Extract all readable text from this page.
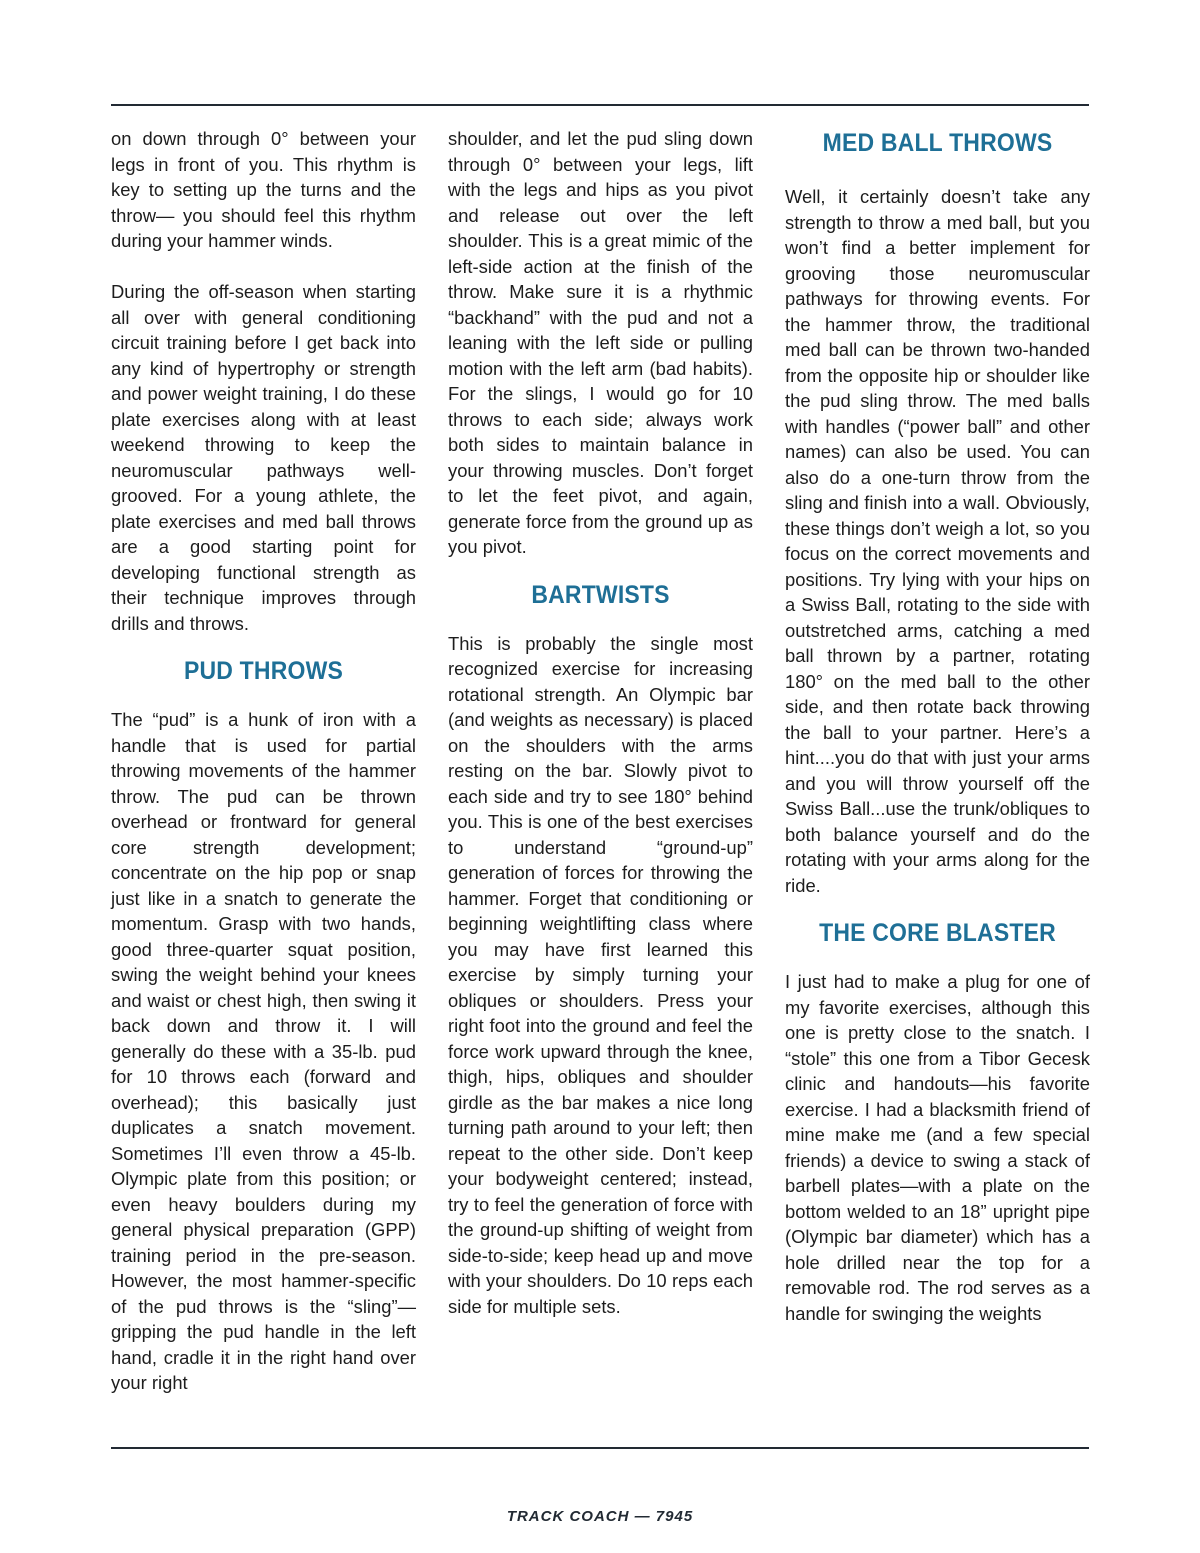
on down through 0° between your legs in front of you. This rhythm is key to setting up the turns and the throw— you should feel this rhythm during your hammer winds.

During the off-season when starting all over with general conditioning circuit training before I get back into any kind of hypertrophy or strength and power weight training, I do these plate exercises along with at least weekend throwing to keep the neuromuscular pathways well-grooved. For a young athlete, the plate exercises and med ball throws are a good starting point for developing functional strength as their technique improves through drills and throws.

PUD THROWS

The “pud” is a hunk of iron with a handle that is used for partial throwing movements of the hammer throw. The pud can be thrown overhead or frontward for general core strength development; concentrate on the hip pop or snap just like in a snatch to generate the momentum. Grasp with two hands, good three-quarter squat position, swing the weight behind your knees and waist or chest high, then swing it back down and throw it. I will generally do these with a 35-lb. pud for 10 throws each (forward and overhead); this basically just duplicates a snatch movement. Sometimes I’ll even throw a 45-lb. Olympic plate from this position; or even heavy boulders during my general physical preparation (GPP) training period in the pre-season. However, the most hammer-specific of the pud throws is the “sling”—gripping the pud handle in the left hand, cradle it in the right hand over your right

shoulder, and let the pud sling down through 0° between your legs, lift with the legs and hips as you pivot and release out over the left shoulder. This is a great mimic of the left-side action at the finish of the throw. Make sure it is a rhythmic “backhand” with the pud and not a leaning with the left side or pulling motion with the left arm (bad habits). For the slings, I would go for 10 throws to each side; always work both sides to maintain balance in your throwing muscles. Don’t forget to let the feet pivot, and again, generate force from the ground up as you pivot.

BARTWISTS

This is probably the single most recognized exercise for increasing rotational strength. An Olympic bar (and weights as necessary) is placed on the shoulders with the arms resting on the bar. Slowly pivot to each side and try to see 180° behind you. This is one of the best exercises to understand “ground-up” generation of forces for throwing the hammer. Forget that conditioning or beginning weightlifting class where you may have first learned this exercise by simply turning your obliques or shoulders. Press your right foot into the ground and feel the force work upward through the knee, thigh, hips, obliques and shoulder girdle as the bar makes a nice long turning path around to your left; then repeat to the other side. Don’t keep your bodyweight centered; instead, try to feel the generation of force with the ground-up shifting of weight from side-to-side; keep head up and move with your shoulders. Do 10 reps each side for multiple sets.

MED BALL THROWS

Well, it certainly doesn’t take any strength to throw a med ball, but you won’t find a better implement for grooving those neuromuscular pathways for throwing events. For the hammer throw, the traditional med ball can be thrown two-handed from the opposite hip or shoulder like the pud sling throw. The med balls with handles (“power ball” and other names) can also be used. You can also do a one-turn throw from the sling and finish into a wall. Obviously, these things don’t weigh a lot, so you focus on the correct movements and positions. Try lying with your hips on a Swiss Ball, rotating to the side with outstretched arms, catching a med ball thrown by a partner, rotating 180° on the med ball to the other side, and then rotate back throwing the ball to your partner. Here’s a hint....you do that with just your arms and you will throw yourself off the Swiss Ball...use the trunk/obliques to both balance yourself and do the rotating with your arms along for the ride.

THE CORE BLASTER

I just had to make a plug for one of my favorite exercises, although this one is pretty close to the snatch. I “stole” this one from a Tibor Gecesk clinic and handouts—his favorite exercise. I had a blacksmith friend of mine make me (and a few special friends) a device to swing a stack of barbell plates—with a plate on the bottom welded to an 18” upright pipe (Olympic bar diameter) which has a hole drilled near the top for a removable rod. The rod serves as a handle for swinging the weights

TRACK COACH — 7945
